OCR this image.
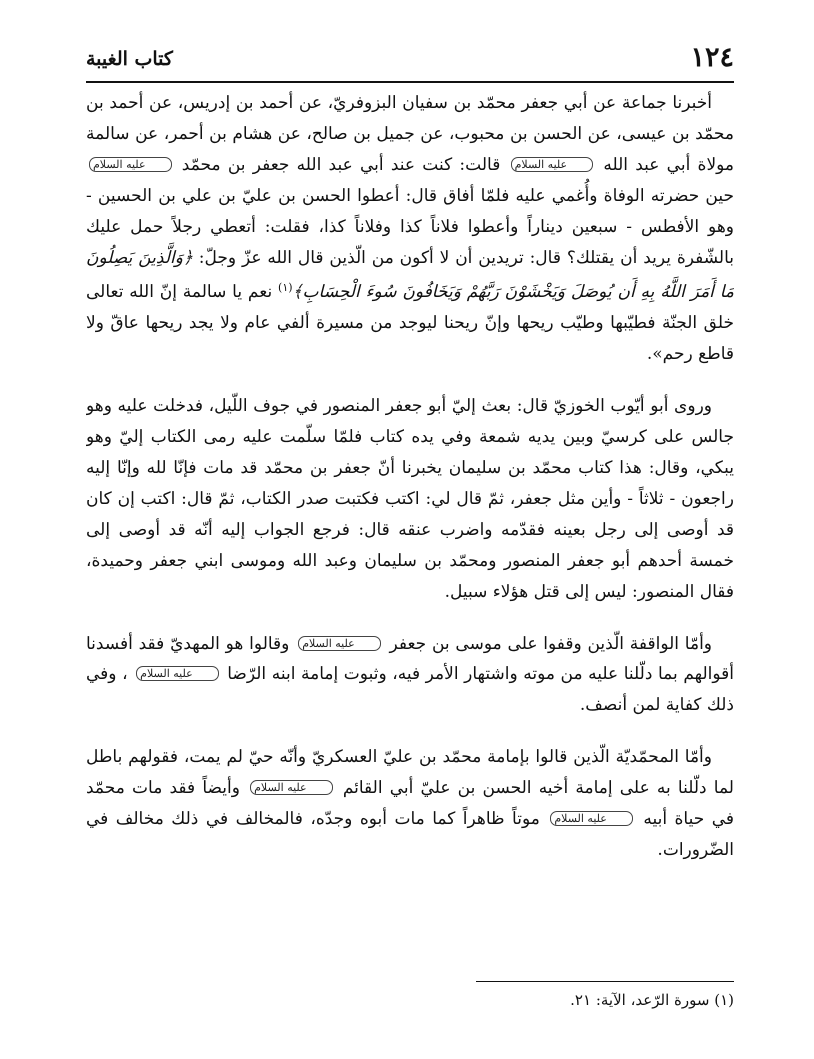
١٢٤
كتاب الغيبة

أخبرنا جماعة عن أبي جعفر محمّد بن سفيان البزوفريّ، عن أحمد بن إدريس، عن أحمد بن محمّد بن عيسى، عن الحسن بن محبوب، عن جميل بن صالح، عن هشام بن أحمر، عن سالمة مولاة أبي عبد الله عليه السلام قالت: كنت عند أبي عبد الله جعفر بن محمّد عليه السلام حين حضرته الوفاة وأُغمي عليه فلمّا أفاق قال: أعطوا الحسن بن عليّ بن علي بن الحسين - وهو الأفطس - سبعين ديناراً وأعطوا فلاناً كذا وفلاناً كذا، فقلت: أتعطي رجلاً حمل عليك بالشّفرة يريد أن يقتلك؟ قال: تريدين أن لا أكون من الّذين قال الله عزّ وجلّ: ﴿وَالَّذِينَ يَصِلُونَ مَا أَمَرَ اللَّهُ بِهِ أَن يُوصَلَ وَيَخْشَوْنَ رَبَّهُمْ وَيَخَافُونَ سُوءَ الْحِسَابِ﴾$^{(١)}$ نعم يا سالمة إنّ الله تعالى خلق الجنّة فطيّبها وطيّب ريحها وإنّ ريحنا ليوجد من مسيرة ألفي عام ولا يجد ريحها عاقّ ولا قاطع رحم».

وروى أبو أيّوب الخوزيّ قال: بعث إليّ أبو جعفر المنصور في جوف اللّيل، فدخلت عليه وهو جالس على كرسيّ وبين يديه شمعة وفي يده كتاب فلمّا سلّمت عليه رمى الكتاب إليّ وهو يبكي، وقال: هذا كتاب محمّد بن سليمان يخبرنا أنّ جعفر بن محمّد قد مات فإنّا لله وإنّا إليه راجعون - ثلاثاً - وأين مثل جعفر، ثمّ قال لي: اكتب فكتبت صدر الكتاب، ثمّ قال: اكتب إن كان قد أوصى إلى رجل بعينه فقدّمه واضرب عنقه قال: فرجع الجواب إليه أنّه قد أوصى إلى خمسة أحدهم أبو جعفر المنصور ومحمّد بن سليمان وعبد الله وموسى ابني جعفر وحميدة، فقال المنصور: ليس إلى قتل هؤلاء سبيل.

وأمّا الواقفة الّذين وقفوا على موسى بن جعفر عليه السلام وقالوا هو المهديّ فقد أفسدنا أقوالهم بما دلّلنا عليه من موته واشتهار الأمر فيه، وثبوت إمامة ابنه الرّضا عليه السلام ، وفي ذلك كفاية لمن أنصف.

وأمّا المحمّديّة الّذين قالوا بإمامة محمّد بن عليّ العسكريّ وأنّه حيّ لم يمت، فقولهم باطل لما دلّلنا به على إمامة أخيه الحسن بن عليّ أبي القائم عليه السلام وأيضاً فقد مات محمّد في حياة أبيه عليه السلام موتاً ظاهراً كما مات أبوه وجدّه، فالمخالف في ذلك مخالف في الضّرورات.

(١) سورة الرّعد، الآية: ٢١.
